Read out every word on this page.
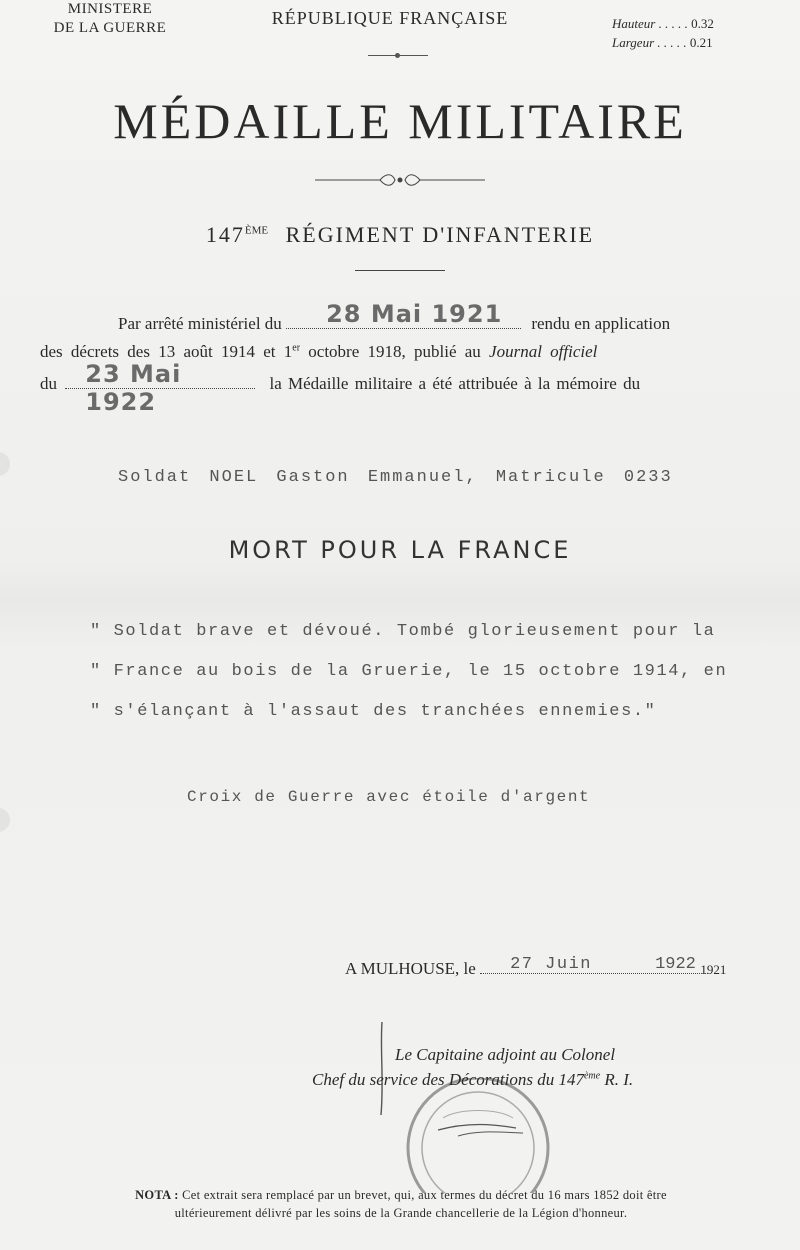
MINISTERE
DE LA GUERRE	RÉPUBLIQUE FRANÇAISE	Hauteur . . . . . 0.32
Largeur . . . . . 0.21
MÉDAILLE MILITAIRE
147ÈME RÉGIMENT D'INFANTERIE
Par arrêté ministériel du 28 Mai 1921 rendu en application
des décrets des 13 août 1914 et 1er octobre 1918, publié au Journal officiel
du 23 Mai 1922
la Médaille militaire a été attribuée à la mémoire du
Soldat NOEL Gaston Emmanuel, Matricule 0233
MORT POUR LA FRANCE
" Soldat brave et dévoué. Tombé glorieusement pour la
" France au bois de la Gruerie, le 15 octobre 1914, en
" s'élançant à l'assaut des tranchées ennemies."
Croix de Guerre avec étoile d'argent
A MULHOUSE, le 27 Juin	1922 1921
Le Capitaine adjoint au Colonel
Chef du service des Décorations du 147ème R. I.
NOTA : Cet extrait sera remplacé par un brevet, qui, aux termes du décret du 16 mars 1852 doit être
ultérieurement délivré par les soins de la Grande chancellerie de la Légion d'honneur.
